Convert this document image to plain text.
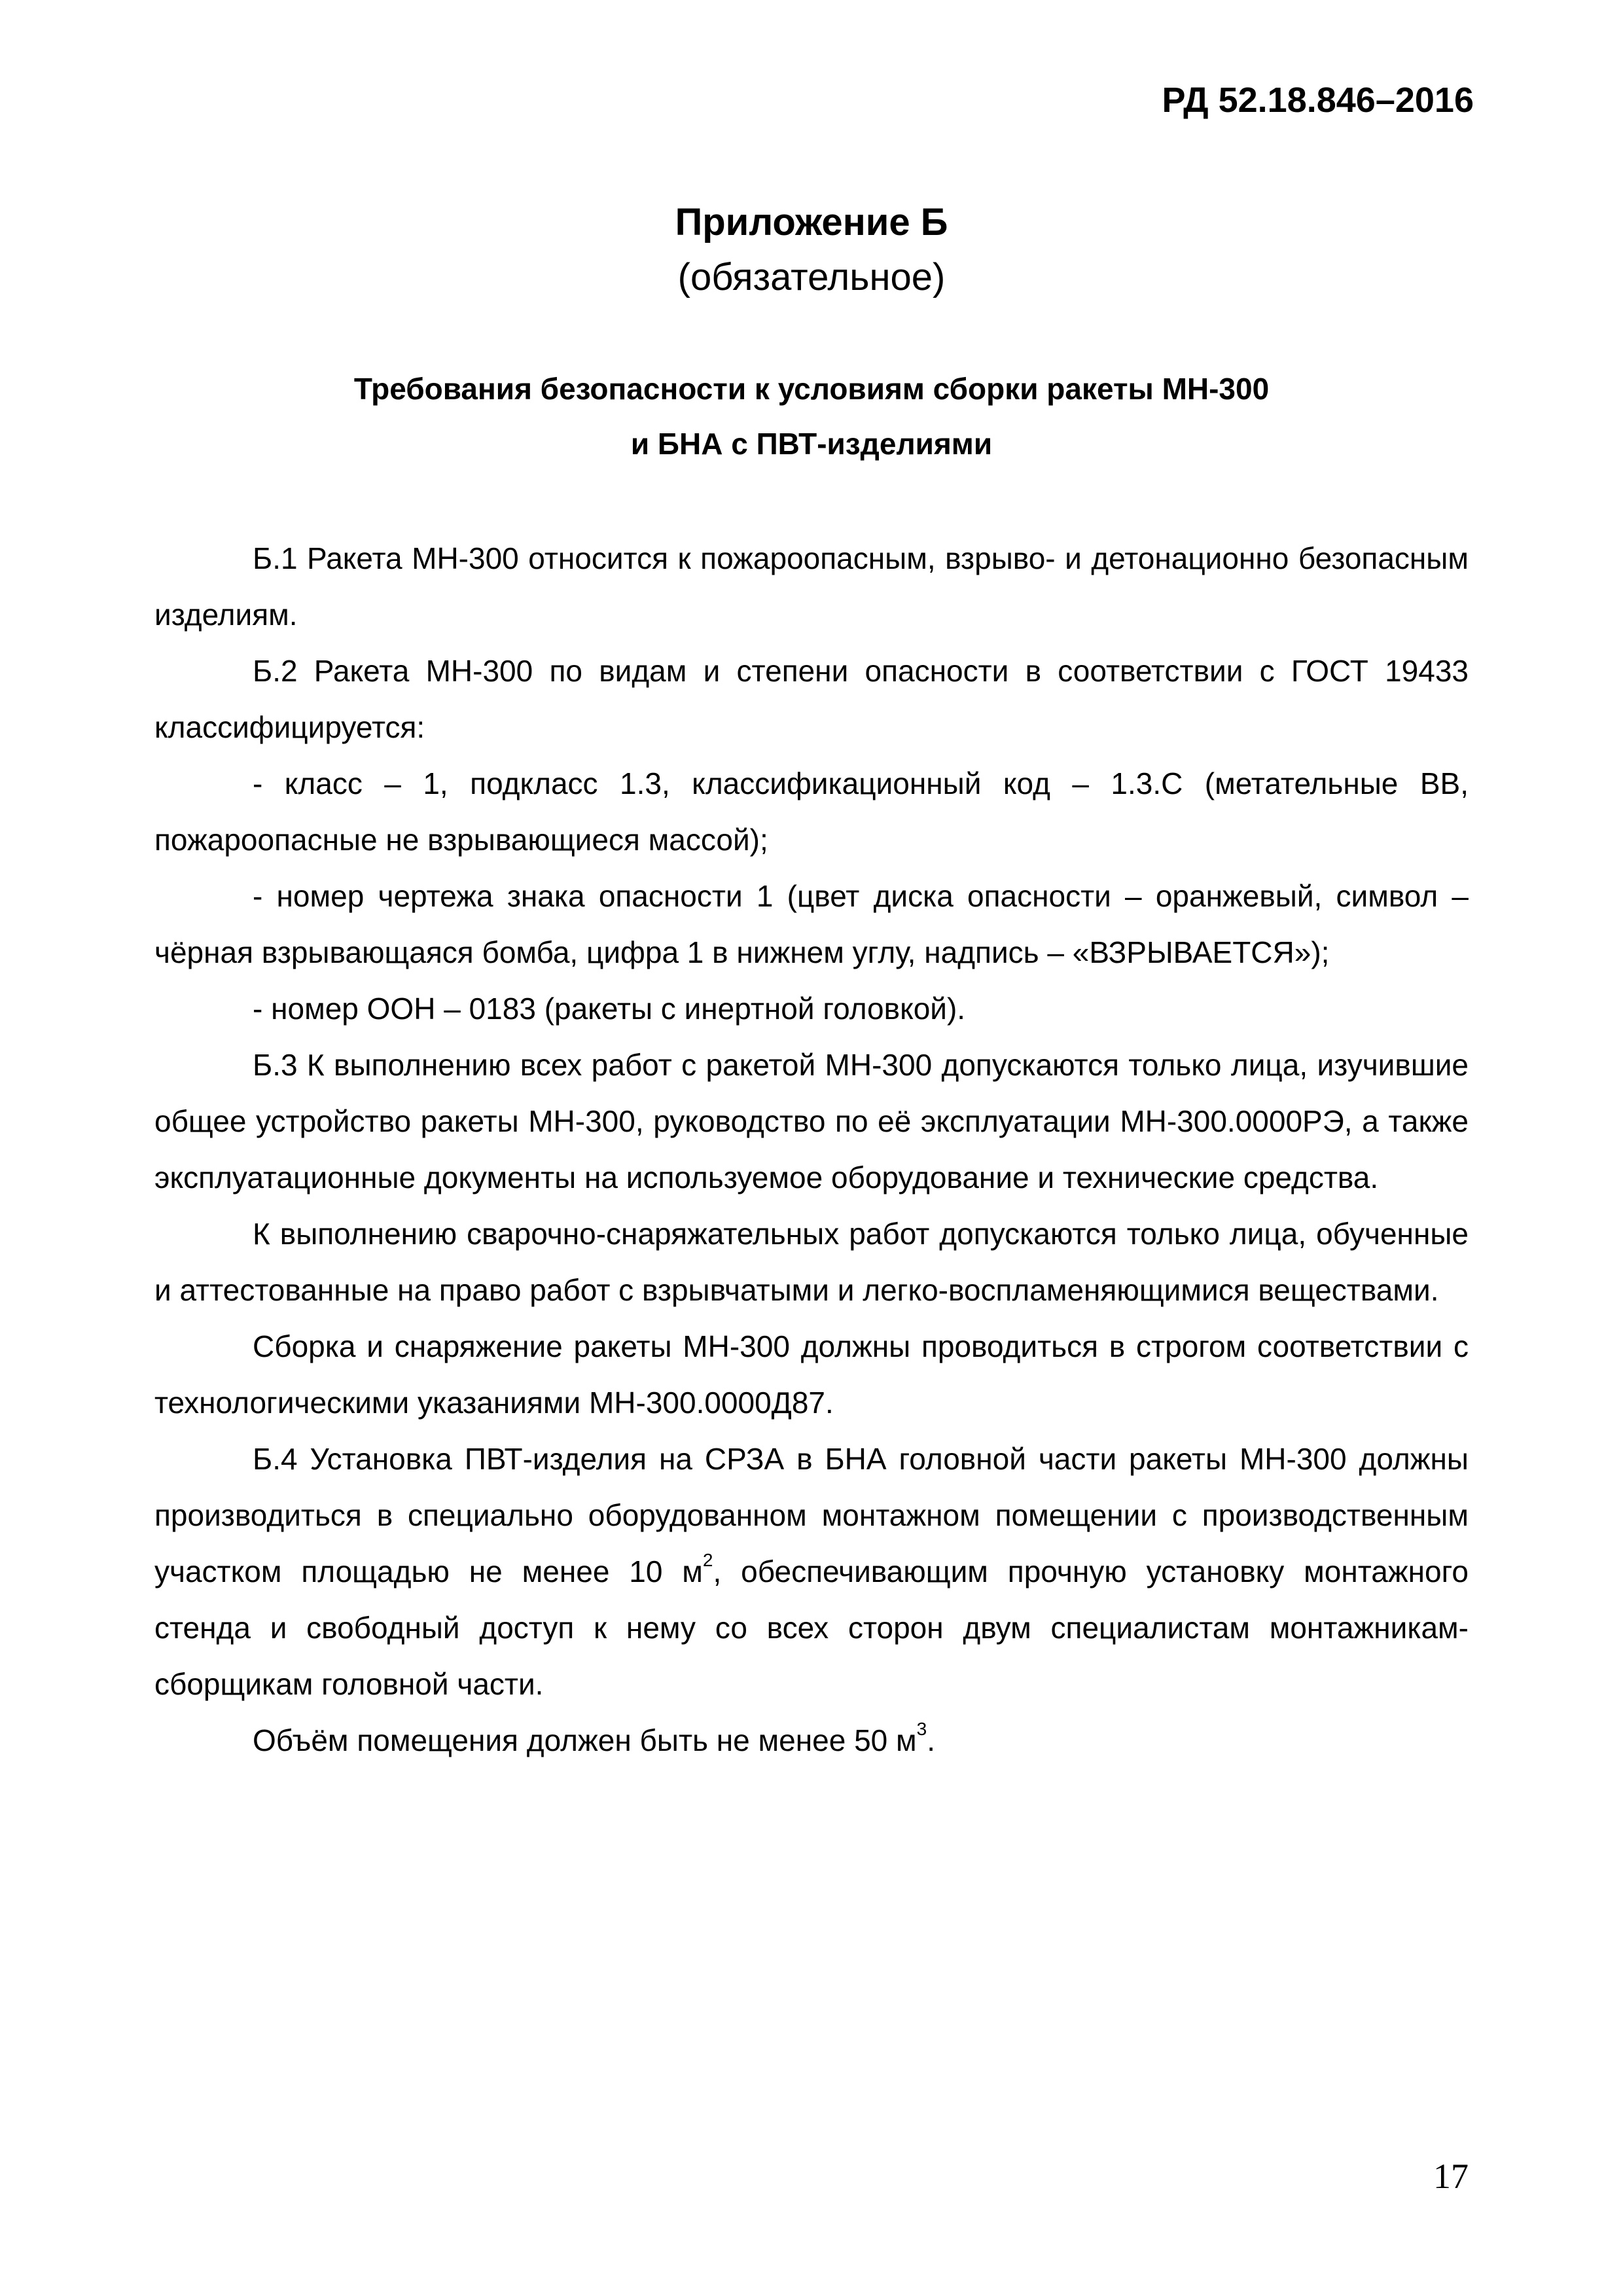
РД 52.18.846–2016
Приложение Б
(обязательное)
Требования безопасности к условиям сборки ракеты МН-300
и БНА с ПВТ-изделиями

Б.1 Ракета МН-300 относится к пожароопасным, взрыво- и детонационно безопасным изделиям.

Б.2 Ракета МН-300 по видам и степени опасности в соответствии с ГОСТ 19433 классифицируется:

- класс – 1, подкласс 1.3, классификационный код – 1.3.С (метательные ВВ, пожароопасные не взрывающиеся массой);

- номер чертежа знака опасности 1 (цвет диска опасности – оранжевый, символ – чёрная взрывающаяся бомба, цифра 1 в нижнем углу, надпись – «ВЗРЫВАЕТСЯ»);

- номер ООН – 0183 (ракеты с инертной головкой).

Б.3 К выполнению всех работ с ракетой МН-300 допускаются только лица, изучившие общее устройство ракеты МН-300, руководство по её эксплуатации МН-300.0000РЭ, а также эксплуатационные документы на используемое оборудование и технические средства.

К выполнению сварочно-снаряжательных работ допускаются только лица, обученные и аттестованные на право работ с взрывчатыми и легко-воспламеняющимися веществами.

Сборка и снаряжение ракеты МН-300 должны проводиться в строгом соответствии с технологическими указаниями МН-300.0000Д87.

Б.4 Установка ПВТ-изделия на СРЗА в БНА головной части ракеты МН-300 должны производиться в специально оборудованном монтажном помещении с производственным участком площадью не менее 10 $м^2$, обеспечивающим прочную установку монтажного стенда и свободный доступ к нему со всех сторон двум специалистам монтажникам-сборщикам головной части.

Объём помещения должен быть не менее 50 $м^3$.

17
